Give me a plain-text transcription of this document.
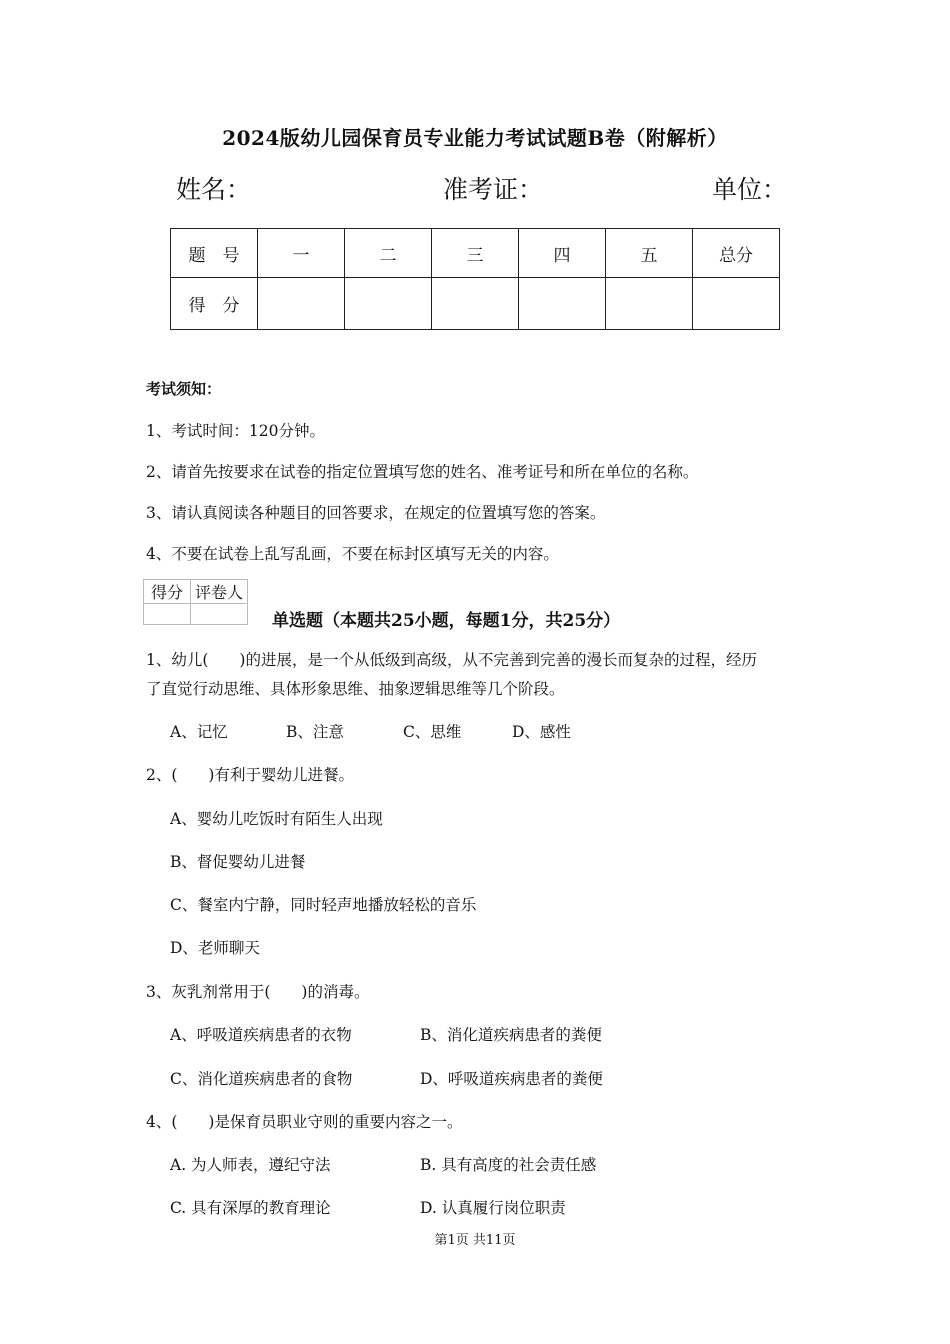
2024版幼儿园保育员专业能力考试试题B卷（附解析）
姓名：	准考证：	单位：
题　号	一	二	三	四	五	总分
得　分						
考试须知：
1、考试时间：120分钟。
2、请首先按要求在试卷的指定位置填写您的姓名、准考证号和所在单位的名称。
3、请认真阅读各种题目的回答要求，在规定的位置填写您的答案。
4、不要在试卷上乱写乱画，不要在标封区填写无关的内容。
得分	评卷人

单选题（本题共25小题，每题1分，共25分）
1、幼儿(　　)的进展，是一个从低级到高级，从不完善到完善的漫长而复杂的过程，经历
了直觉行动思维、具体形象思维、抽象逻辑思维等几个阶段。
A、记忆	B、注意	C、思维	D、感性
2、(　　)有利于婴幼儿进餐。
A、婴幼儿吃饭时有陌生人出现
B、督促婴幼儿进餐
C、餐室内宁静，同时轻声地播放轻松的音乐
D、老师聊天
3、灰乳剂常用于(　　)的消毒。
A、呼吸道疾病患者的衣物	B、消化道疾病患者的粪便
C、消化道疾病患者的食物	D、呼吸道疾病患者的粪便
4、(　　)是保育员职业守则的重要内容之一。
A. 为人师表，遵纪守法	B. 具有高度的社会责任感
C. 具有深厚的教育理论	D. 认真履行岗位职责
第1页 共11页
